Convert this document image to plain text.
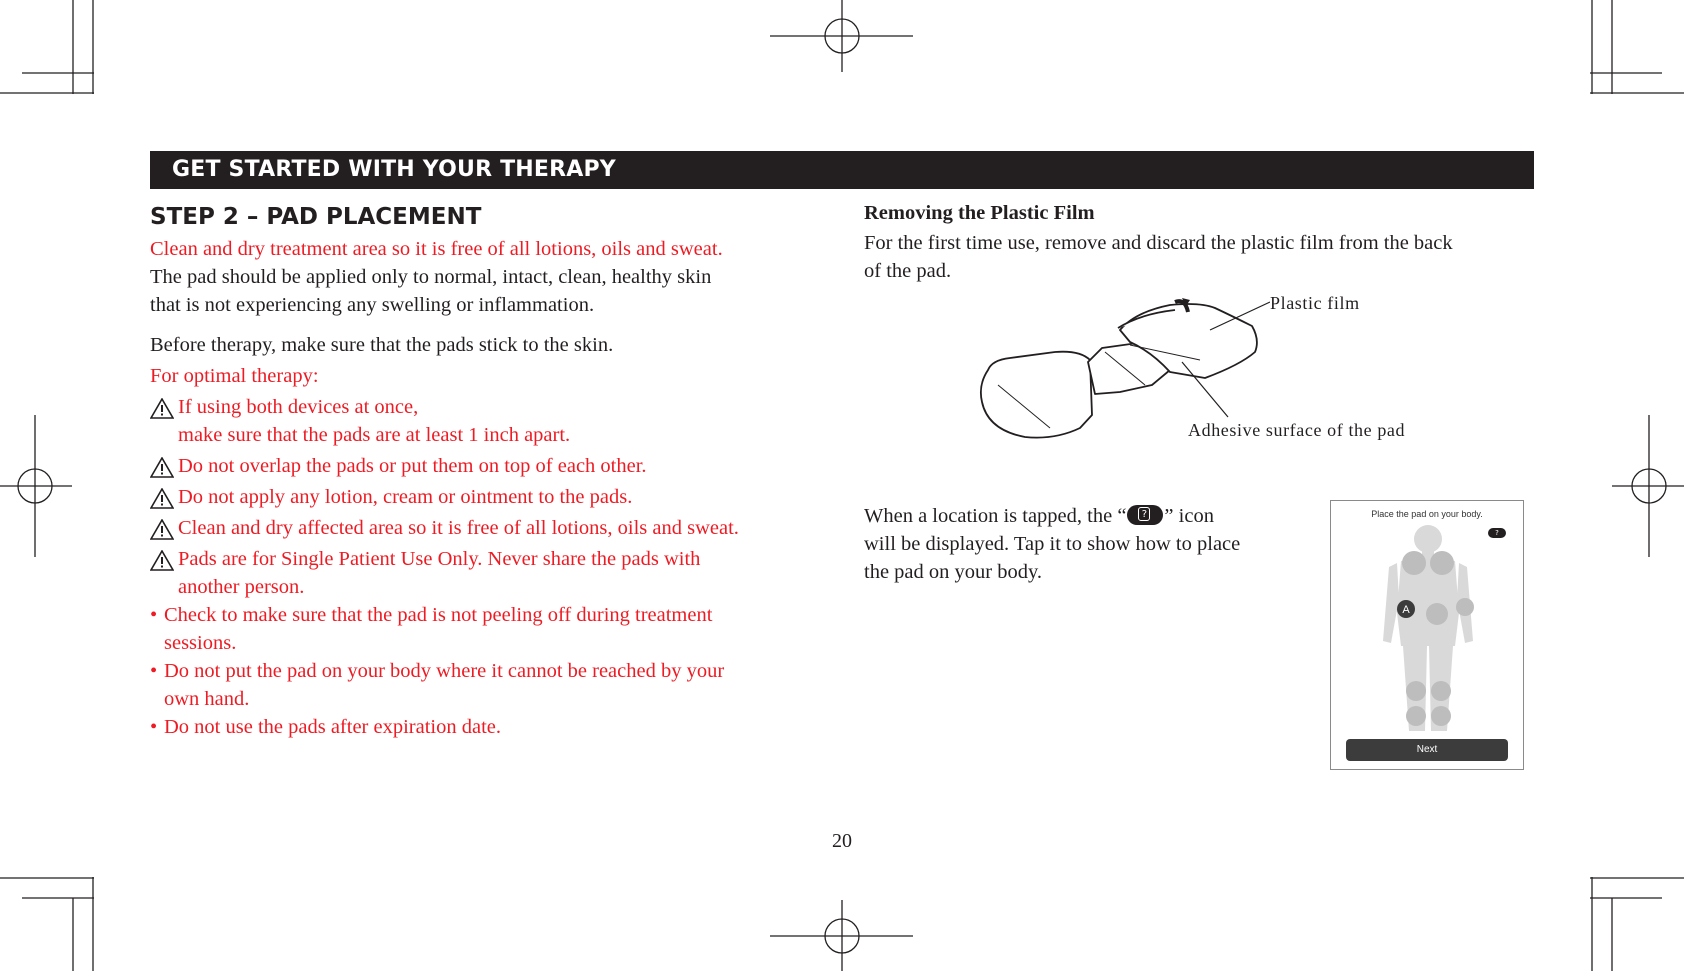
GET STARTED WITH YOUR THERAPY
STEP 2 – PAD PLACEMENT
Clean and dry treatment area so it is free of all lotions, oils and sweat.
The pad should be applied only to normal, intact, clean, healthy skin
that is not experiencing any swelling or inflammation.
Before therapy, make sure that the pads stick to the skin.
For optimal therapy:
If using both devices at once,
make sure that the pads are at least 1 inch apart.
Do not overlap the pads or put them on top of each other.
Do not apply any lotion, cream or ointment to the pads.
Clean and dry affected area so it is free of all lotions, oils and sweat.
Pads are for Single Patient Use Only. Never share the pads with
another person.
• Check to make sure that the pad is not peeling off during treatment
sessions.
• Do not put the pad on your body where it cannot be reached by your
own hand.
• Do not use the pads after expiration date.
Removing the Plastic Film
For the first time use, remove and discard the plastic film from the back
of the pad.
Plastic film
Adhesive surface of the pad
When a location is tapped, the “	? ” icon
will be displayed. Tap it to show how to place
the pad on your body.
Place the pad on your body.
?
A
Next
20
